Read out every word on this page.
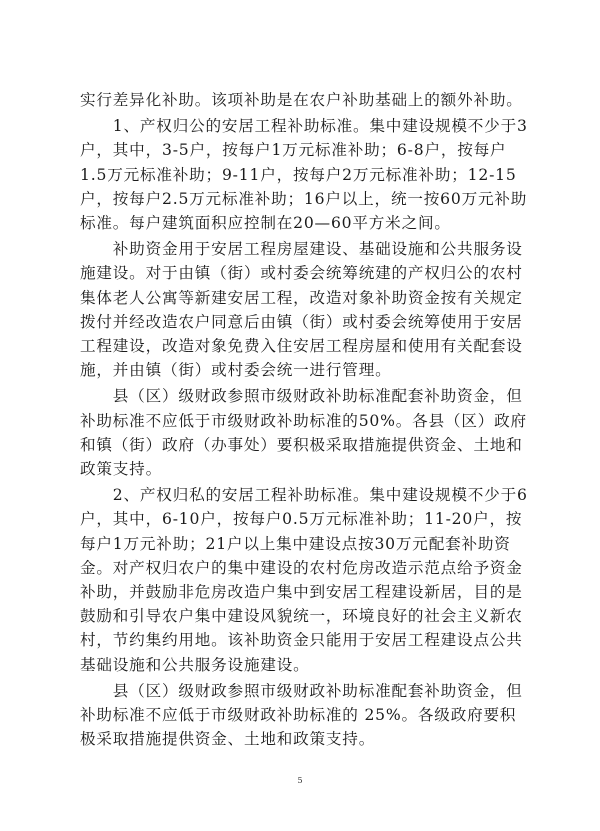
实行差异化补助。该项补助是在农户补助基础上的额外补助。

　　1、产权归公的安居工程补助标准。集中建设规模不少于3户，其中，3-5户，按每户1万元标准补助；6-8户，按每户1.5万元标准补助；9-11户，按每户2万元标准补助；12-15户，按每户2.5万元标准补助；16户以上，统一按60万元补助标准。每户建筑面积应控制在20—60平方米之间。

　　补助资金用于安居工程房屋建设、基础设施和公共服务设施建设。对于由镇（街）或村委会统筹统建的产权归公的农村集体老人公寓等新建安居工程，改造对象补助资金按有关规定拨付并经改造农户同意后由镇（街）或村委会统筹使用于安居工程建设，改造对象免费入住安居工程房屋和使用有关配套设施，并由镇（街）或村委会统一进行管理。

　　县（区）级财政参照市级财政补助标准配套补助资金，但补助标准不应低于市级财政补助标准的50%。各县（区）政府和镇（街）政府（办事处）要积极采取措施提供资金、土地和政策支持。

　　2、产权归私的安居工程补助标准。集中建设规模不少于6户，其中，6-10户，按每户0.5万元标准补助；11-20户，按每户1万元补助；21户以上集中建设点按30万元配套补助资金。对产权归农户的集中建设的农村危房改造示范点给予资金补助，并鼓励非危房改造户集中到安居工程建设新居，目的是鼓励和引导农户集中建设风貌统一，环境良好的社会主义新农村，节约集约用地。该补助资金只能用于安居工程建设点公共基础设施和公共服务设施建设。

　　县（区）级财政参照市级财政补助标准配套补助资金，但补助标准不应低于市级财政补助标准的 25%。各级政府要积极采取措施提供资金、土地和政策支持。

5
